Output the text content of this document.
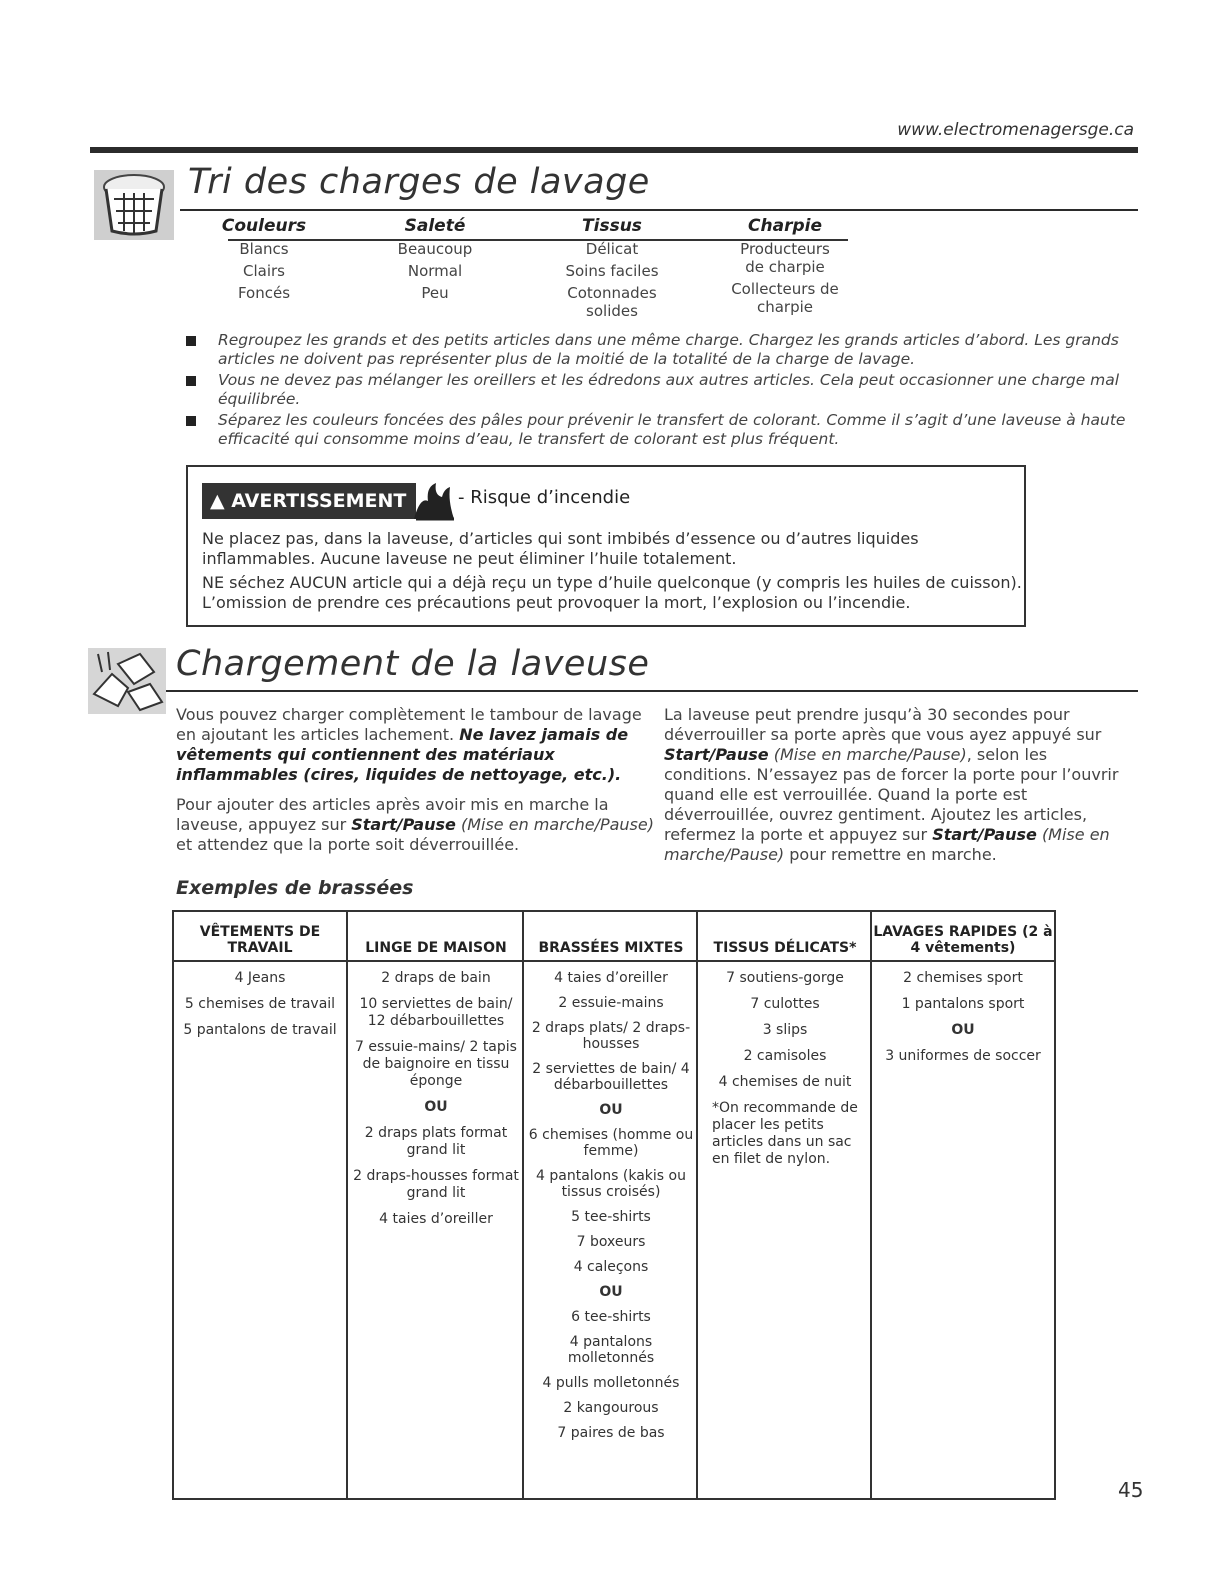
www.electromenagersge.ca
Tri des charges de lavage
Couleurs
Blancs
Clairs
Foncés
Saleté
Beaucoup
Normal
Peu
Tissus
Délicat
Soins faciles
Cotonnades solides
Charpie
Producteurs de charpie
Collecteurs de charpie
Regroupez les grands et des petits articles dans une même charge. Chargez les grands articles d’abord. Les grands articles ne doivent pas représenter plus de la moitié de la totalité de la charge de lavage.
Vous ne devez pas mélanger les oreillers et les édredons aux autres articles. Cela peut occasionner une charge mal équilibrée.
Séparez les couleurs foncées des pâles pour prévenir le transfert de colorant. Comme il s’agit d’une laveuse à haute efficacité qui consomme moins d’eau, le transfert de colorant est plus fréquent.
▲ AVERTISSEMENT	- Risque d’incendie

Ne placez pas, dans la laveuse, d’articles qui sont imbibés d’essence ou d’autres liquides inflammables. Aucune laveuse ne peut éliminer l’huile totalement.

NE séchez AUCUN article qui a déjà reçu un type d’huile quelconque (y compris les huiles de cuisson). L’omission de prendre ces précautions peut provoquer la mort, l’explosion ou l’incendie.

Chargement de la laveuse

Vous pouvez charger complètement le tambour de lavage en ajoutant les articles lachement. Ne lavez jamais de vêtements qui contiennent des matériaux inflammables (cires, liquides de nettoyage, etc.).

Pour ajouter des articles après avoir mis en marche la laveuse, appuyez sur Start/Pause (Mise en marche/Pause) et attendez que la porte soit déverrouillée.

La laveuse peut prendre jusqu’à 30 secondes pour déverrouiller sa porte après que vous ayez appuyé sur Start/Pause (Mise en marche/Pause), selon les conditions. N’essayez pas de forcer la porte pour l’ouvrir quand elle est verrouillée. Quand la porte est déverrouillée, ouvrez gentiment. Ajoutez les articles, refermez la porte et appuyez sur Start/Pause (Mise en marche/Pause) pour remettre en marche.

Exemples de brassées
VÊTEMENTS DE TRAVAIL
4 Jeans
5 chemises de travail
5 pantalons de travail
LINGE DE MAISON
2 draps de bain
10 serviettes de bain/ 12 débarbouillettes
7 essuie-mains/ 2 tapis de baignoire en tissu éponge
OU
2 draps plats format grand lit
2 draps-housses format grand lit
4 taies d’oreiller
BRASSÉES MIXTES
4 taies d’oreiller
2 essuie-mains
2 draps plats/ 2 draps-housses
2 serviettes de bain/ 4 débarbouillettes
OU
6 chemises (homme ou femme)
4 pantalons (kakis ou tissus croisés)
5 tee-shirts
7 boxeurs
4 caleçons
OU
6 tee-shirts
4 pantalons molletonnés
4 pulls molletonnés
2 kangourous
7 paires de bas
TISSUS DÉLICATS*
7 soutiens-gorge
7 culottes
3 slips
2 camisoles
4 chemises de nuit
*On recommande de placer les petits articles dans un sac en filet de nylon.
LAVAGES RAPIDES (2 à 4 vêtements)
2 chemises sport
1 pantalons sport
OU
3 uniformes de soccer
45
